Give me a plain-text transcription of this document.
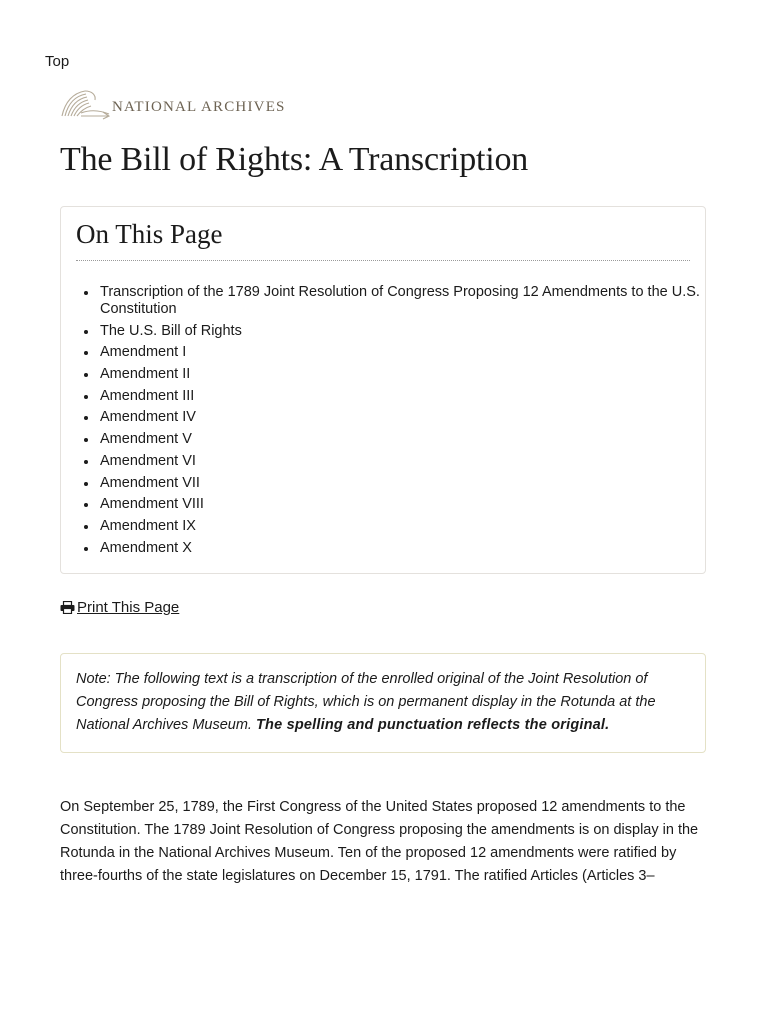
Top
NATIONAL ARCHIVES
The Bill of Rights: A Transcription
On This Page
Transcription of the 1789 Joint Resolution of Congress Proposing 12 Amendments to the U.S. Constitution
The U.S. Bill of Rights
Amendment I
Amendment II
Amendment III
Amendment IV
Amendment V
Amendment VI
Amendment VII
Amendment VIII
Amendment IX
Amendment X
Print This Page
Note: The following text is a transcription of the enrolled original of the Joint Resolution of Congress proposing the Bill of Rights, which is on permanent display in the Rotunda at the National Archives Museum. The spelling and punctuation reflects the original.

On September 25, 1789, the First Congress of the United States proposed 12 amendments to the Constitution. The 1789 Joint Resolution of Congress proposing the amendments is on display in the Rotunda in the National Archives Museum. Ten of the proposed 12 amendments were ratified by three-fourths of the state legislatures on December 15, 1791. The ratified Articles (Articles 3–
